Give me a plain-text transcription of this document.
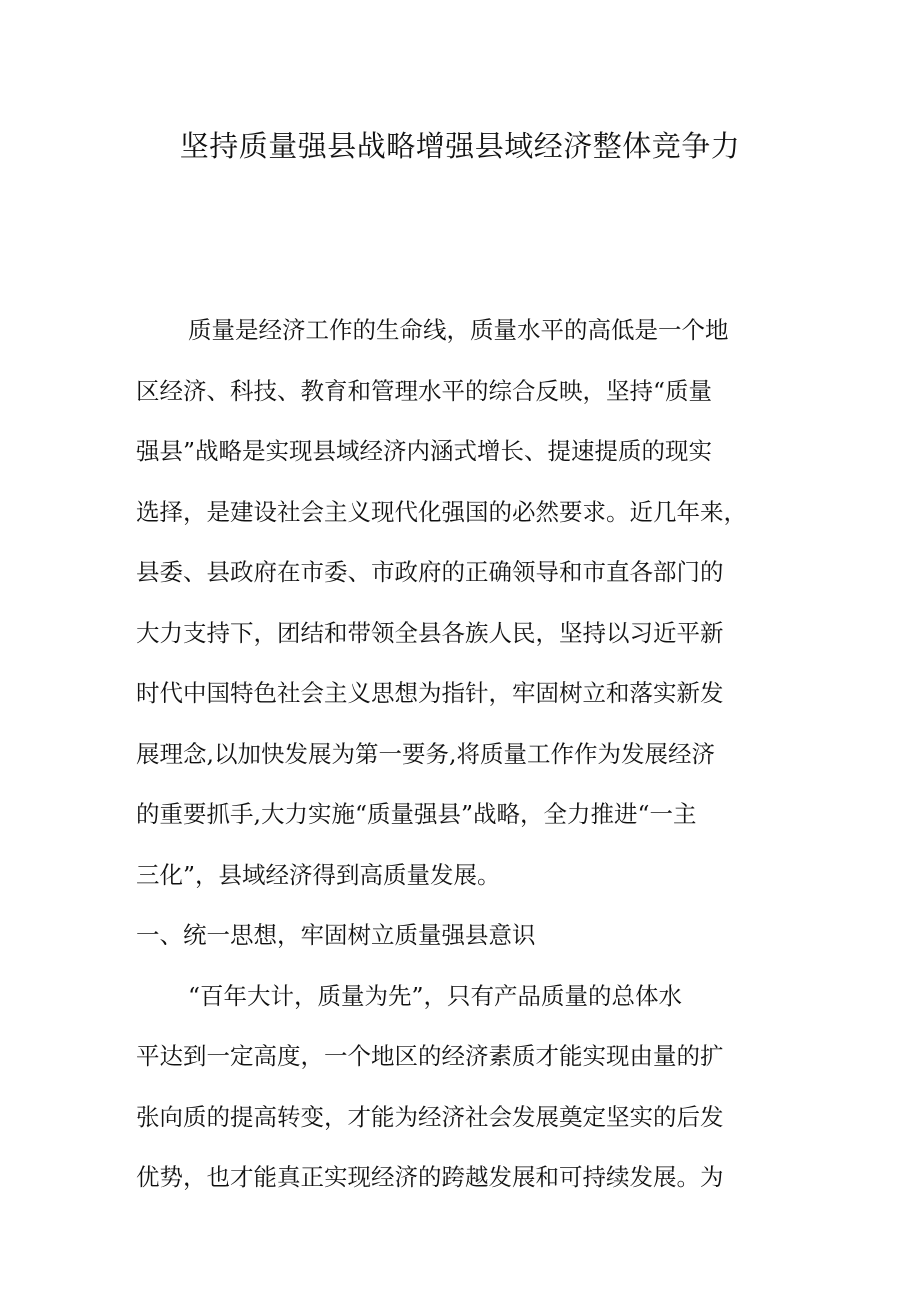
坚持质量强县战略增强县域经济整体竞争力
质量是经济工作的生命线，质量水平的高低是一个地
区经济、科技、教育和管理水平的综合反映，坚持“质量
强县”战略是实现县域经济内涵式增长、提速提质的现实
选择，是建设社会主义现代化强国的必然要求。近几年来，
县委、县政府在市委、市政府的正确领导和市直各部门的
大力支持下，团结和带领全县各族人民，坚持以习近平新
时代中国特色社会主义思想为指针，牢固树立和落实新发
展理念,以加快发展为第一要务,将质量工作作为发展经济
的重要抓手,大力实施“质量强县”战略，全力推进“一主
三化”，县域经济得到高质量发展。
一、统一思想，牢固树立质量强县意识
“百年大计，质量为先”，只有产品质量的总体水
平达到一定高度，一个地区的经济素质才能实现由量的扩
张向质的提高转变，才能为经济社会发展奠定坚实的后发
优势，也才能真正实现经济的跨越发展和可持续发展。为
